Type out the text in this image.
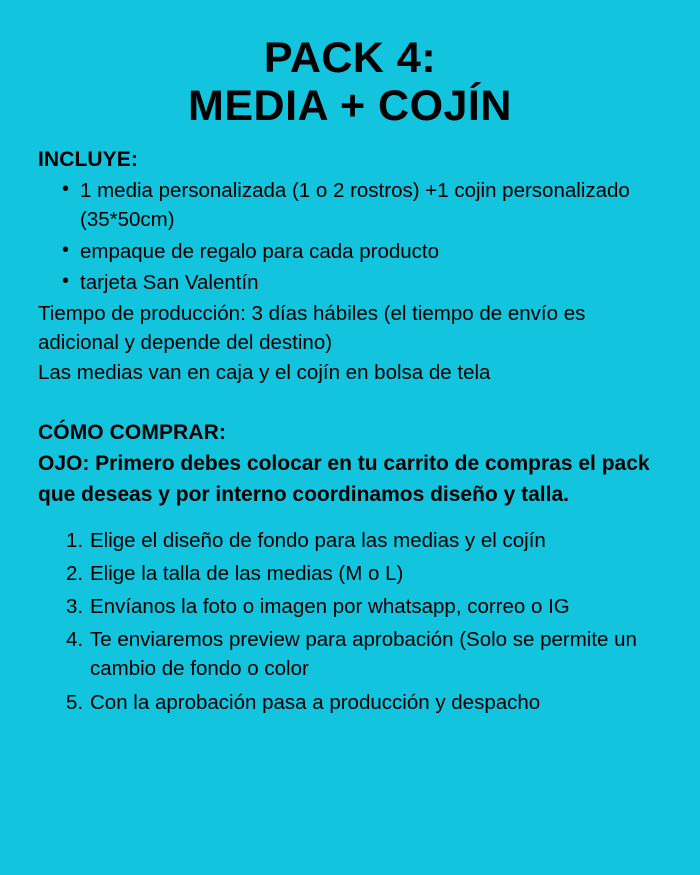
PACK 4:
MEDIA + COJÍN
INCLUYE:
• 1 media personalizada (1 o 2 rostros) +1 cojin personalizado (35*50cm)
• empaque de regalo para cada producto
• tarjeta San Valentín

Tiempo de producción: 3 días hábiles (el tiempo de envío es adicional y depende del destino)

Las medias van en caja y el cojín en bolsa de tela

CÓMO COMPRAR:

OJO: Primero debes colocar en tu carrito de compras el pack que deseas y por interno coordinamos diseño y talla.

Elige el diseño de fondo para las medias y el cojín
Elige la talla de las medias (M o L)
Envíanos la foto o imagen por whatsapp, correo o IG
Te enviaremos preview para aprobación (Solo se permite un cambio de fondo o color
Con la aprobación pasa a producción y despacho
